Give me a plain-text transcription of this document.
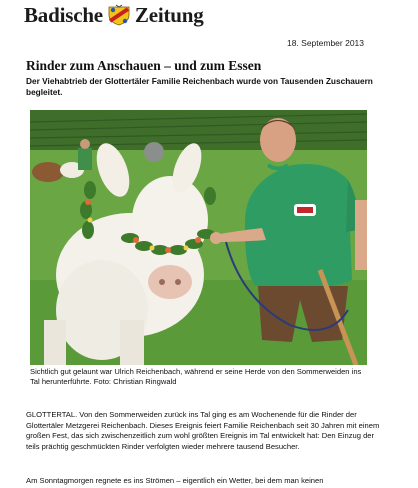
Badische Zeitung
18. September 2013
Rinder zum Anschauen – und zum Essen

Der Viehabtrieb der Glottertäler Familie Reichenbach wurde von Tausenden Zuschauern begleitet.

Sichtlich gut gelaunt war Ulrich Reichenbach, während er seine Herde von den Sommerweiden ins Tal herunterführte. Foto: Christian Ringwald

GLOTTERTAL. Von den Sommerweiden zurück ins Tal ging es am Wochenende für die Rinder der Glottertäler Metzgerei Reichenbach. Dieses Ereignis feiert Familie Reichenbach seit 30 Jahren mit einem großen Fest, das sich zwischenzeitlich zum wohl größten Ereignis im Tal entwickelt hat: Den Einzug der teils prächtig geschmückten Rinder verfolgten wieder mehrere tausend Besucher.

Am Sonntagmorgen regnete es ins Strömen – eigentlich ein Wetter, bei dem man keinen
